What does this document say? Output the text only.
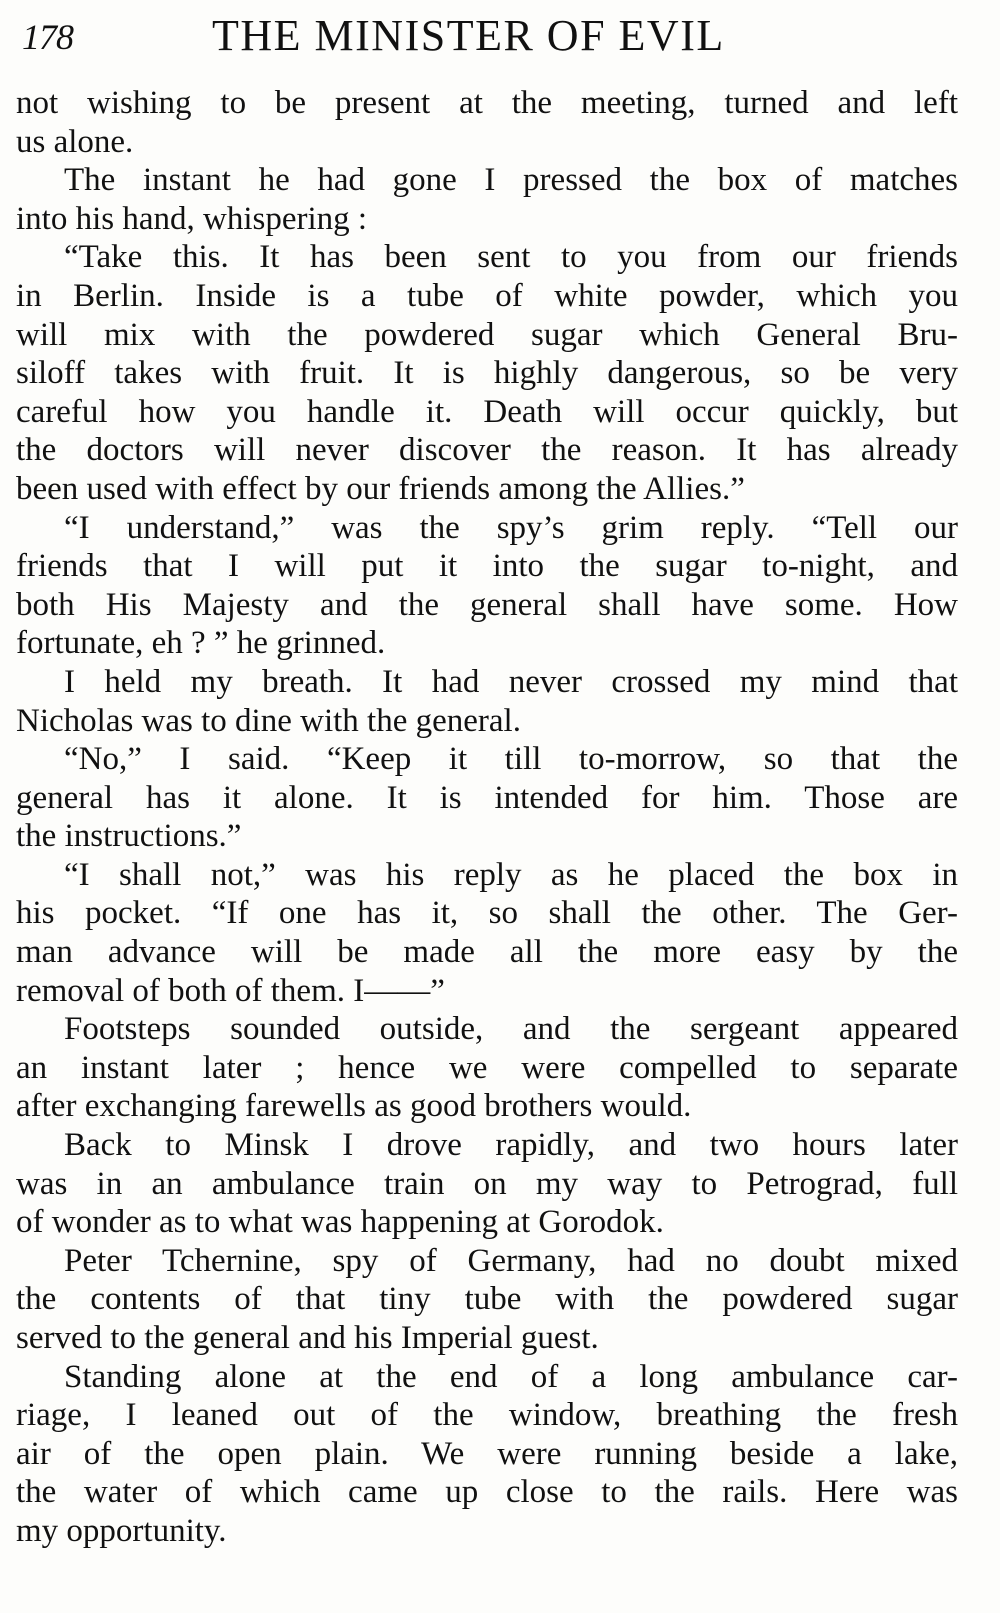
178	THE MINISTER OF EVIL
not wishing to be present at the meeting, turned and left
us alone.
The instant he had gone I pressed the box of matches
into his hand, whispering :
“Take this. It has been sent to you from our friends
in Berlin. Inside is a tube of white powder, which you
will mix with the powdered sugar which General Bru-
siloff takes with fruit. It is highly dangerous, so be very
careful how you handle it. Death will occur quickly, but
the doctors will never discover the reason. It has already
been used with effect by our friends among the Allies.”
“I understand,” was the spy’s grim reply. “Tell our
friends that I will put it into the sugar to-night, and
both His Majesty and the general shall have some. How
fortunate, eh ? ” he grinned.
I held my breath. It had never crossed my mind that
Nicholas was to dine with the general.
“No,” I said. “Keep it till to-morrow, so that the
general has it alone. It is intended for him. Those are
the instructions.”
“I shall not,” was his reply as he placed the box in
his pocket. “If one has it, so shall the other. The Ger-
man advance will be made all the more easy by the
removal of both of them. I——”
Footsteps sounded outside, and the sergeant appeared
an instant later ; hence we were compelled to separate
after exchanging farewells as good brothers would.
Back to Minsk I drove rapidly, and two hours later
was in an ambulance train on my way to Petrograd, full
of wonder as to what was happening at Gorodok.
Peter Tchernine, spy of Germany, had no doubt mixed
the contents of that tiny tube with the powdered sugar
served to the general and his Imperial guest.
Standing alone at the end of a long ambulance car-
riage, I leaned out of the window, breathing the fresh
air of the open plain. We were running beside a lake,
the water of which came up close to the rails. Here was
my opportunity.
